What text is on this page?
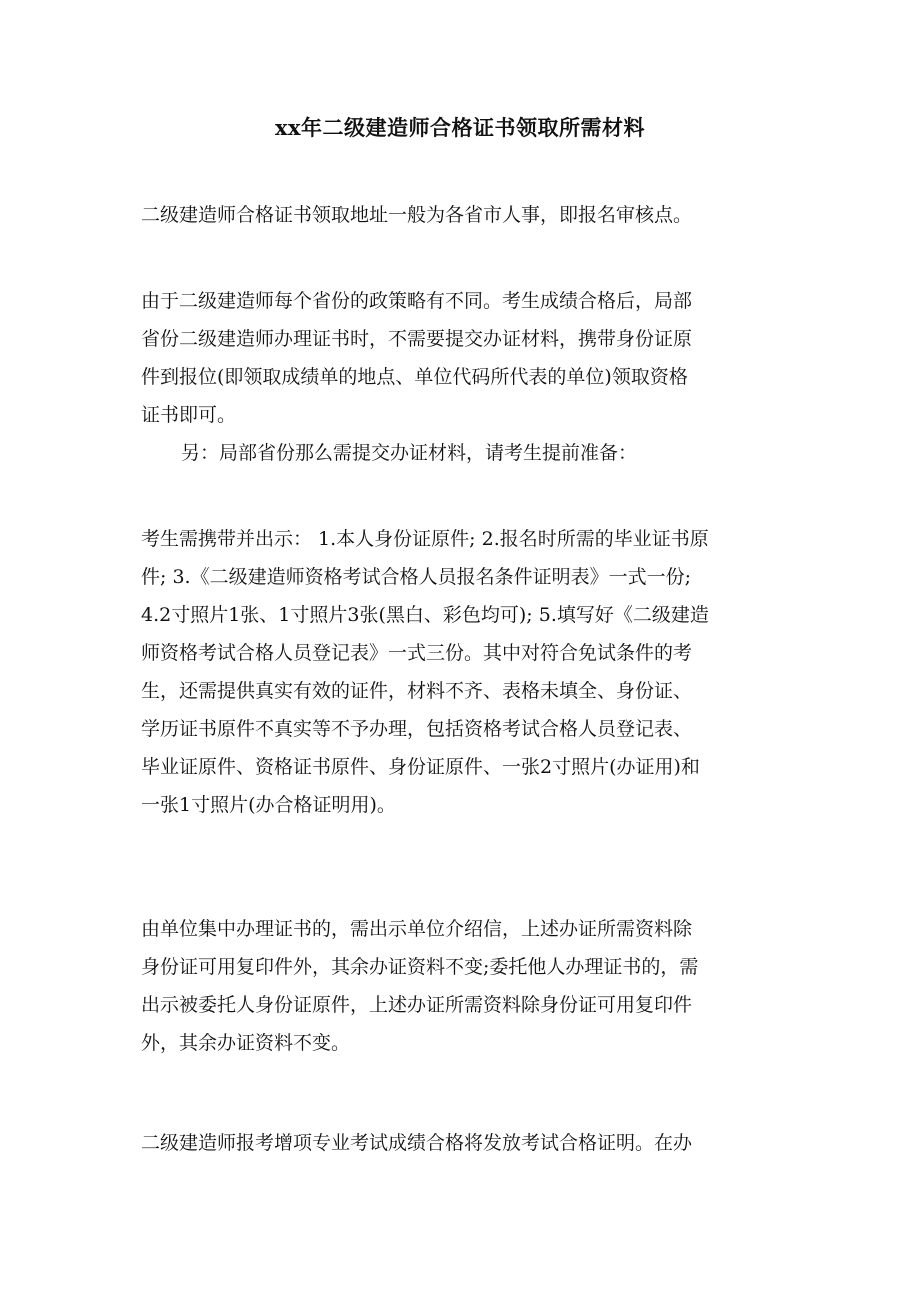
xx年二级建造师合格证书领取所需材料

二级建造师合格证书领取地址一般为各省市人事，即报名审核点。

由于二级建造师每个省份的政策略有不同。考生成绩合格后，局部
省份二级建造师办理证书时，不需要提交办证材料，携带身份证原
件到报位(即领取成绩单的地点、单位代码所代表的单位)领取资格
证书即可。

另：局部省份那么需提交办证材料，请考生提前准备：

考生需携带并出示： 1.本人身份证原件; 2.报名时所需的毕业证书原
件; 3.《二级建造师资格考试合格人员报名条件证明表》一式一份;
4.2寸照片1张、1寸照片3张(黑白、彩色均可); 5.填写好《二级建造
师资格考试合格人员登记表》一式三份。其中对符合免试条件的考
生，还需提供真实有效的证件，材料不齐、表格未填全、身份证、
学历证书原件不真实等不予办理，包括资格考试合格人员登记表、
毕业证原件、资格证书原件、身份证原件、一张2寸照片(办证用)和
一张1寸照片(办合格证明用)。

由单位集中办理证书的，需出示单位介绍信，上述办证所需资料除
身份证可用复印件外，其余办证资料不变;委托他人办理证书的，需
出示被委托人身份证原件，上述办证所需资料除身份证可用复印件
外，其余办证资料不变。

二级建造师报考增项专业考试成绩合格将发放考试合格证明。在办
